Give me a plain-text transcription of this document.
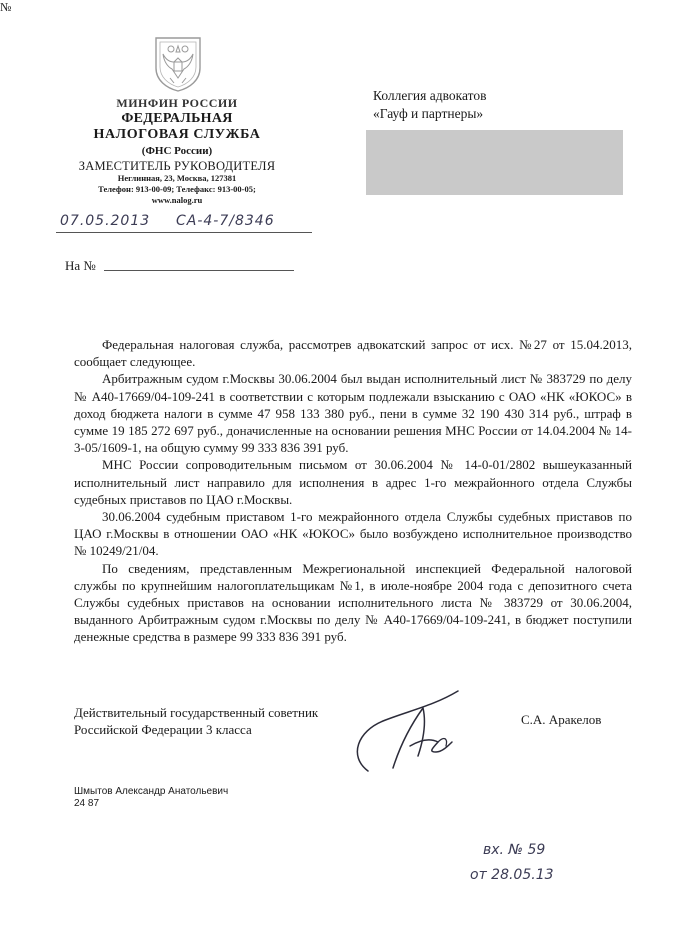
МИНФИН РОССИИ
ФЕДЕРАЛЬНАЯ
НАЛОГОВАЯ СЛУЖБА
(ФНС России)
ЗАМЕСТИТЕЛЬ РУКОВОДИТЕЛЯ
Неглинная, 23, Москва, 127381
Телефон: 913-00-09; Телефакс: 913-00-05;
www.nalog.ru
07.05.2013
№
СА-4-7/8346
На №
Коллегия адвокатов
«Гауф и партнеры»

Федеральная налоговая служба, рассмотрев адвокатский запрос от исх. №27 от 15.04.2013, сообщает следующее.

Арбитражным судом г.Москвы 30.06.2004 был выдан исполнительный лист № 383729 по делу № А40-17669/04-109-241 в соответствии с которым подлежали взысканию с ОАО «НК «ЮКОС» в доход бюджета налоги в сумме 47 958 133 380 руб., пени в сумме 32 190 430 314 руб., штраф в сумме 19 185 272 697 руб., доначисленные на основании решения МНС России от 14.04.2004 № 14-3-05/1609-1, на общую сумму 99 333 836 391 руб.

МНС России сопроводительным письмом от 30.06.2004 № 14-0-01/2802 вышеуказанный исполнительный лист направило для исполнения в адрес 1-го межрайонного отдела Службы судебных приставов по ЦАО г.Москвы.

30.06.2004 судебным приставом 1-го межрайонного отдела Службы судебных приставов по ЦАО г.Москвы в отношении ОАО «НК «ЮКОС» было возбуждено исполнительное производство № 10249/21/04.

По сведениям, представленным Межрегиональной инспекцией Федеральной налоговой службы по крупнейшим налогоплательщикам №1, в июле-ноябре 2004 года с депозитного счета Службы судебных приставов на основании исполнительного листа № 383729 от 30.06.2004, выданного Арбитражным судом г.Москвы по делу № А40-17669/04-109-241, в бюджет поступили денежные средства в размере 99 333 836 391 руб.

Действительный государственный советник
Российской Федерации 3 класса
С.А. Аракелов
Шмытов Александр Анатольевич
24 87
вх. № 59
от 28.05.13
